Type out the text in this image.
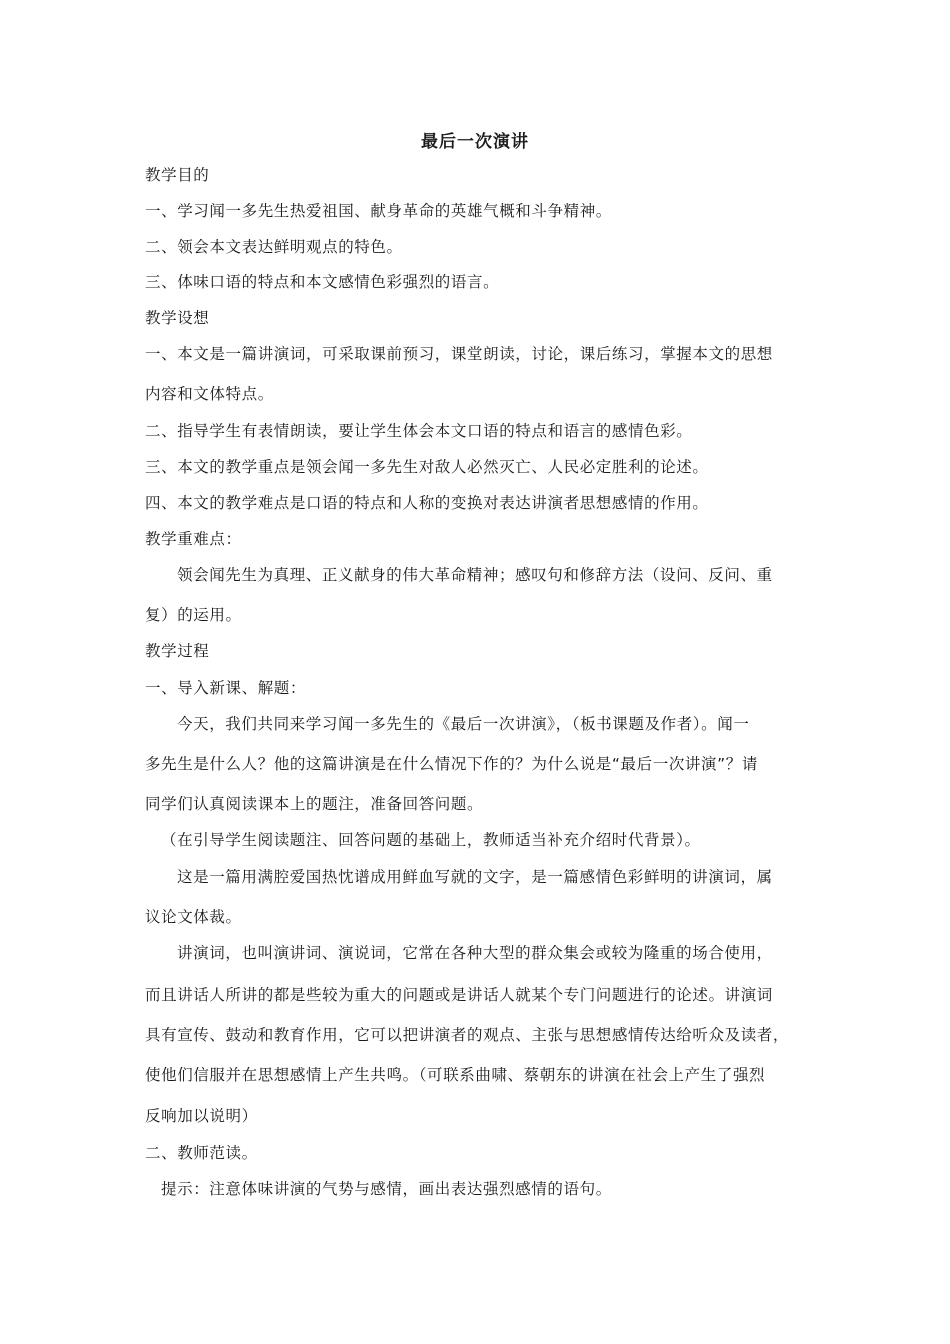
最后一次演讲
教学目的
一、学习闻一多先生热爱祖国、献身革命的英雄气概和斗争精神。
二、领会本文表达鲜明观点的特色。
三、体味口语的特点和本文感情色彩强烈的语言。
教学设想
一、本文是一篇讲演词，可采取课前预习，课堂朗读，讨论，课后练习，掌握本文的思想
内容和文体特点。
二、指导学生有表情朗读，要让学生体会本文口语的特点和语言的感情色彩。
三、本文的教学重点是领会闻一多先生对敌人必然灭亡、人民必定胜利的论述。
四、本文的教学难点是口语的特点和人称的变换对表达讲演者思想感情的作用。
教学重难点：
领会闻先生为真理、正义献身的伟大革命精神；感叹句和修辞方法（设问、反问、重
复）的运用。
教学过程
一、导入新课、解题：
今天，我们共同来学习闻一多先生的《最后一次讲演》，（板书课题及作者）。闻一
多先生是什么人？他的这篇讲演是在什么情况下作的？为什么说是“最后一次讲演”？请
同学们认真阅读课本上的题注，准备回答问题。
（在引导学生阅读题注、回答问题的基础上，教师适当补充介绍时代背景）。
这是一篇用满腔爱国热忱谱成用鲜血写就的文字，是一篇感情色彩鲜明的讲演词，属
议论文体裁。
讲演词，也叫演讲词、演说词，它常在各种大型的群众集会或较为隆重的场合使用，
而且讲话人所讲的都是些较为重大的问题或是讲话人就某个专门问题进行的论述。讲演词
具有宣传、鼓动和教育作用，它可以把讲演者的观点、主张与思想感情传达给听众及读者，
使他们信服并在思想感情上产生共鸣。（可联系曲啸、蔡朝东的讲演在社会上产生了强烈
反响加以说明）
二、教师范读。
提示：注意体味讲演的气势与感情，画出表达强烈感情的语句。
